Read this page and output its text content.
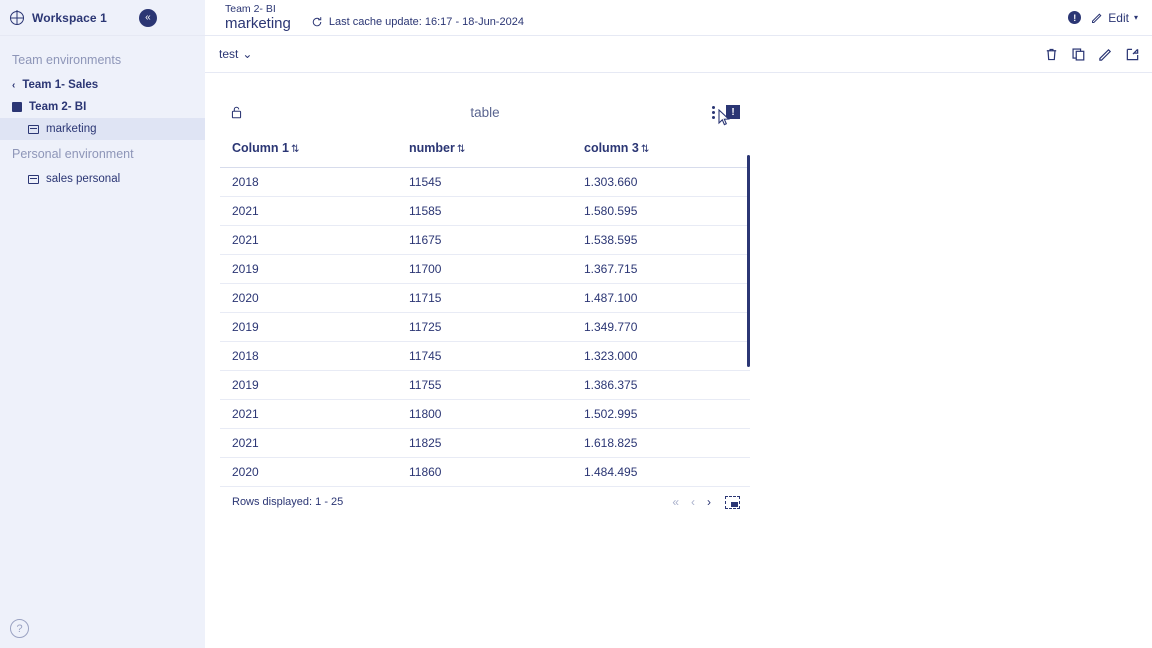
Workspace 1	«
Team 2- BI
marketing	Last cache update: 16:17 - 18-Jun-2024	!	Edit ▾
Team environments
‹ Team 1- Sales
Team 2- BI
marketing
Personal environment
sales personal
?
test ⌄
table	!
Column 1 ⇅	number ⇅	column 3 ⇅
2018	11545	1.303.660
2021	11585	1.580.595
2021	11675	1.538.595
2019	11700	1.367.715
2020	11715	1.487.100
2019	11725	1.349.770
2018	11745	1.323.000
2019	11755	1.386.375
2021	11800	1.502.995
2021	11825	1.618.825
2020	11860	1.484.495
Rows displayed: 1 - 25	« ‹ ›
